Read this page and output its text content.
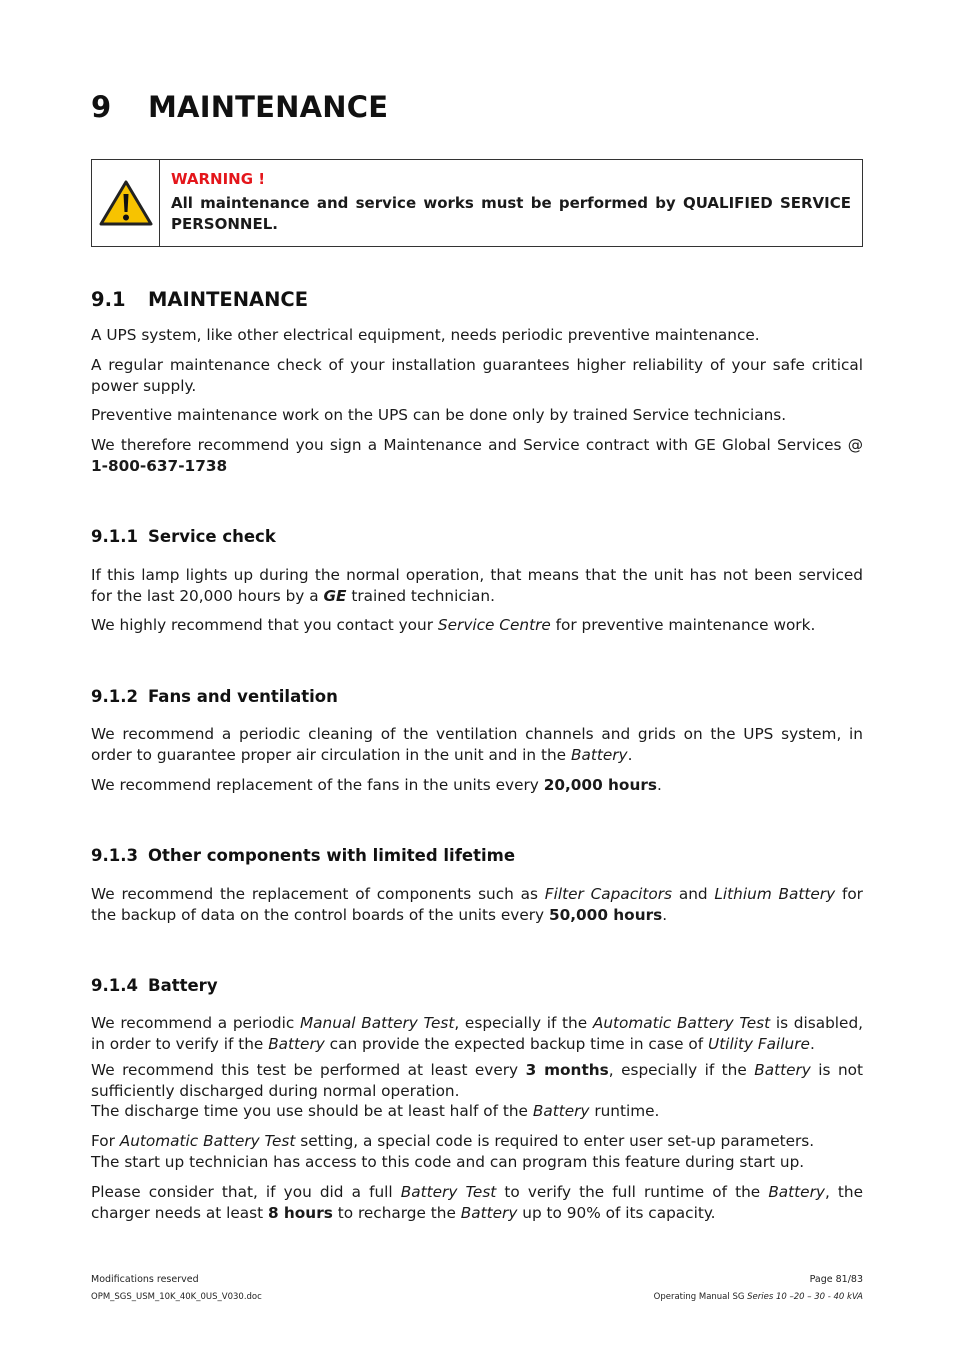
9 MAINTENANCE
WARNING !
All maintenance and service works must be performed by QUALIFIED SERVICE PERSONNEL.
9.1 MAINTENANCE

A UPS system, like other electrical equipment, needs periodic preventive maintenance.

A regular maintenance check of your installation guarantees higher reliability of your safe critical power supply.

Preventive maintenance work on the UPS can be done only by trained Service technicians.

We therefore recommend you sign a Maintenance and Service contract with GE Global Services @ 1-800-637-1738

9.1.1 Service check

If this lamp lights up during the normal operation, that means that the unit has not been serviced for the last 20,000 hours by a GE trained technician.

We highly recommend that you contact your Service Centre for preventive maintenance work.

9.1.2 Fans and ventilation

We recommend a periodic cleaning of the ventilation channels and grids on the UPS system, in order to guarantee proper air circulation in the unit and in the Battery.

We recommend replacement of the fans in the units every 20,000 hours.

9.1.3 Other components with limited lifetime

We recommend the replacement of components such as Filter Capacitors and Lithium Battery for the backup of data on the control boards of the units every 50,000 hours.

9.1.4 Battery

We recommend a periodic Manual Battery Test, especially if the Automatic Battery Test is disabled, in order to verify if the Battery can provide the expected backup time in case of Utility Failure.

We recommend this test be performed at least every 3 months, especially if the Battery is not sufficiently discharged during normal operation.

The discharge time you use should be at least half of the Battery runtime.

For Automatic Battery Test setting, a special code is required to enter user set-up parameters.

The start up technician has access to this code and can program this feature during start up.

Please consider that, if you did a full Battery Test to verify the full runtime of the Battery, the charger needs at least 8 hours to recharge the Battery up to 90% of its capacity.

Modifications reserved
OPM_SGS_USM_10K_40K_0US_V030.doc
Page 81/83
Operating Manual SG Series 10 –20 – 30 - 40 kVA
